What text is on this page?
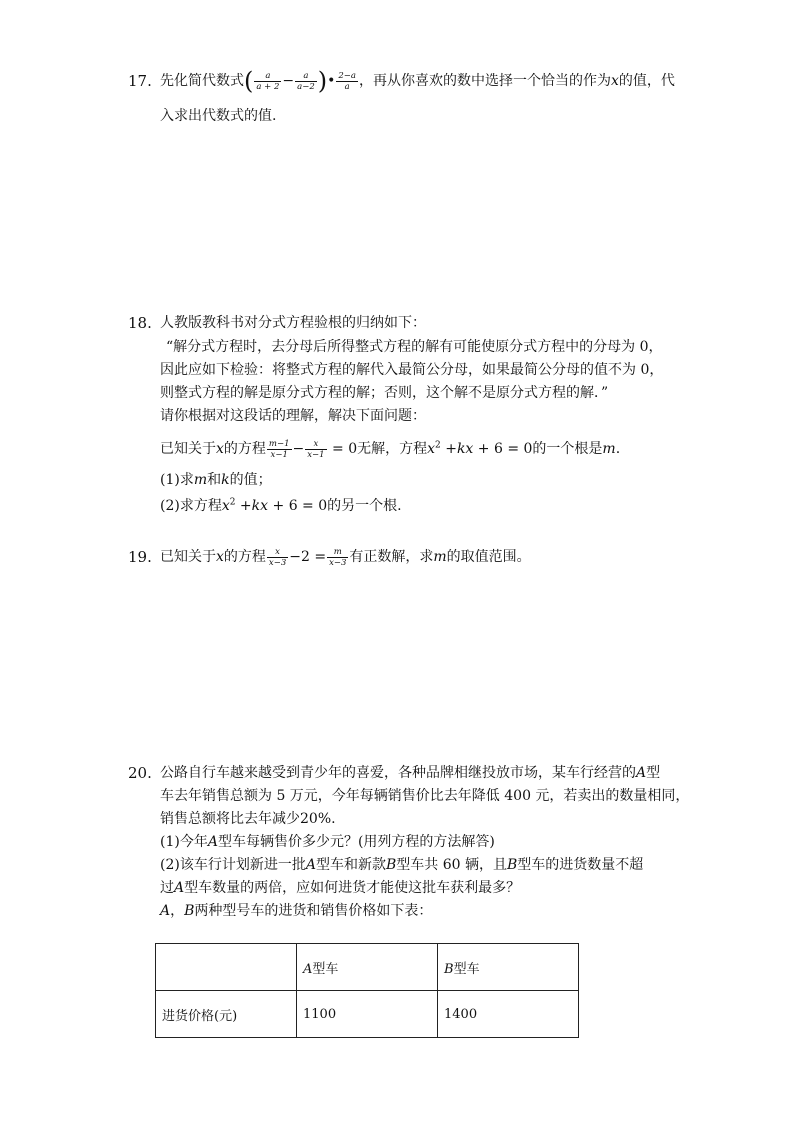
17. 先化简代数式( $\frac{a}{a + 2} - \frac{a}{a-2}$ )• $\frac{2-a}{a}$ ，再从你喜欢的数中选择一个恰当的作为x的值，代
入求出代数式的值.
18. 人教版教科书对分式方程验根的归纳如下：
“解分式方程时，去分母后所得整式方程的解有可能使原分式方程中的分母为 0，
因此应如下检验：将整式方程的解代入最简公分母，如果最简公分母的值不为 0，
则整式方程的解是原分式方程的解；否则，这个解不是原分式方程的解．”
请你根据对这段话的理解，解决下面问题：
已知关于x的方程 $\frac{m-1}{x-1} - \frac{x}{x-1} = 0$无解，方程$x^2 +kx + 6 = 0$的一个根是m.
(1)求m和k的值；
(2)求方程$x^2 +kx + 6 = 0$的另一个根.
19. 已知关于x的方程 $\frac{x}{x-3} -2 = \frac{m}{x-3}$ 有正数解，求m的取值范围。
20. 公路自行车越来越受到青少年的喜爱，各种品牌相继投放市场，某车行经营的A型
车去年销售总额为 5 万元，今年每辆销售价比去年降低 400 元，若卖出的数量相同，
销售总额将比去年减少20%.
(1)今年A型车每辆售价多少元？(用列方程的方法解答)
(2)该车行计划新进一批A型车和新款B型车共 60 辆，且B型车的进货数量不超
过A型车数量的两倍，应如何进货才能使这批车获利最多？
A，B两种型号车的进货和销售价格如下表：
	A型车	B型车
进货价格(元)	1100	1400
